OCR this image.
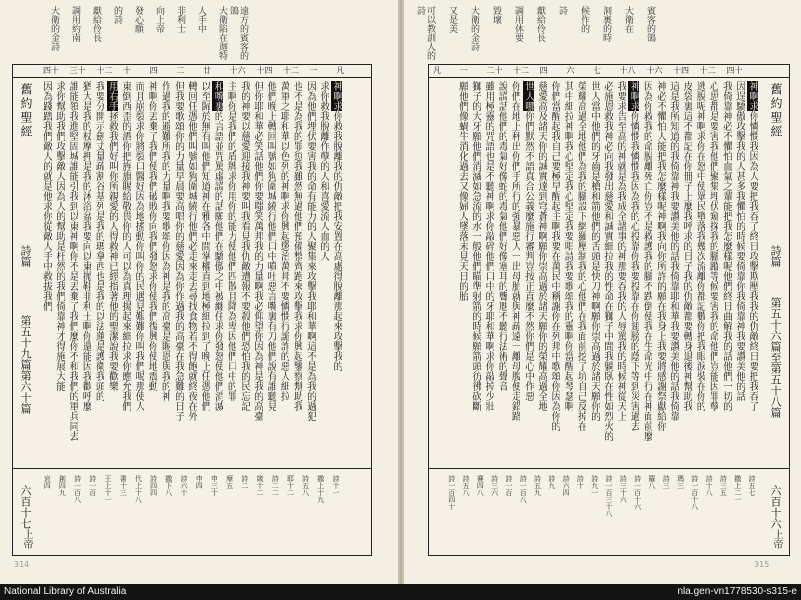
遠方的賓客的鴿
大衛陷在迦特
人手中
非利士
向上帝
發心願
的詩
獻給伶長
調用約南
大衛的金詩
四十 三十 十二 十 四 二 廿 十六 十四 十二 一 凡
舊約聖經
詩篇
第五十九篇第六十篇
六百十七
上帝
神啊求你救我脫離我的仇敵把我安置在高處得脫離那起來攻擊我的
求你救我脫離作孽的人和喜愛流人血的人
因為他們埋伏要害我的命有能力的人聚集來攻擊我耶和華啊這不是為我的過犯
也不是為我的罪愆我雖然無過他們預備整齊跑來攻擊我求你興起鑒察幫助我
萬軍之耶和華以色列的神啊求你興起懲治萬邦不要憐憫行詭詐的惡人細拉
他們晚上轉回叫號如狗圍城繞行他們口中噴吐惡言嘴裏有刀他們說有誰聽見
但你耶和華必笑話他們你要嗤笑萬邦我的力量啊我必仰望你因為神是我的高臺
我的神要以慈愛迎接我神要叫我看見我仇敵遭報不要殺他們恐怕我的民忘記
主啊你是我們的盾牌求你用你的能力使他們四散且降為卑因他們口中的罪
和嘴裏的言語並咒罵虛謊的話願他們在驕傲之中被纏住求你發怒使他們消滅
以至歸於無有叫他們知道神在雅各中間掌權直到地極細拉到了晚上任憑他們
轉回任憑他們叫號如狗圍城繞行他們必走來走去尋找食物若不得飽就終夜在外
但我要歌頌你的力量早晨要高唱你的慈愛因為你作過我的高臺在我急難的日子
作過我的避難所我的力量啊我要歌頌你因為神是我的高臺是賜恩與我的神
神啊你丟棄了我們使我們破敗你向我們發怒求你使我們復興你使地震動
而且崩裂求你將裂口醫好因為地搖動你叫你的民遇見艱難你叫我們喝那使人
東倒西歪的酒你把旌旗賜給敬畏你的人可以為真理揚起來細拉求你應允我們
用右手拯救我們好叫你所親愛的人得救神已經指著他的聖潔說我要歡樂
我要分開示劍丈量疏割谷基列是我的瑪拿西也是我的以法蓮是護衛我頭的
猶大是我的杖摩押是我的沐浴盆我要向以東拋鞋非利士啊你還能因我歡呼麼
誰能領我進堅固城誰能引我到以東神啊你不是丟棄了我們麼你不和我們的軍兵同去
求你幫助我們攻擊敵人因為人的幫助是枉然的我們倚靠神才得施展大能
因為踐踏我們敵人的就是他求你從敵人手中救拔我們
詩十一
撒上十九
詩五八
耶十二
詩二二
箴十二
詩二
摩五
申三十
申四
詩六十
撒下八
詩四四
代上十八
書十三
王上十一
詩一百
詩一百八
創四九
哀四
314
賓客的鴿
大衛在
洞裏的時
候作的
詩
獻給伶長
調用休要
毀壞
大衛的金詩
又是美
可以教訓人的詩
凡 一 二十 十二 四 六 七 十八 十六 十四 十二 四十
舊約聖經
詩篇
第五十六篇至第五十八篇
六百十六
上帝
神啊求你憐憫我因為人要把我吞了終日攻擊欺壓我我的仇敵終日要把我吞了
因逞驕傲攻擊我的人甚多我懼怕的時候要倚靠你我倚靠神我要讚美他的話
我倚靠神必不懼怕血氣之輩能把我怎麼樣呢他們終日曲解我的話他們一切的
心思都是要害我他們聚集埋伏窺探我的腳蹤等候要害我的命他們豈能因罪孽
逃脫呢神啊求你在怒中使眾民墮落我幾次流離你都記數你把我眼淚裝在你的
皮袋裏這不都記在你冊子上麼我呼求的日子我的仇敵都要轉身退後神幫助我
這是我所知道的我倚靠神我要讚美他的話我倚靠耶和華我要讚美他的話我倚靠
神必不懼怕人能把我怎麼樣呢神啊我向你所許的願在我身上我要將感謝祭獻給你
因為你救我的命脫離死亡你豈不是救護我的腳不跌倒使我在生命光中行在神面前麼
神啊求你憐憫我憐憫我因為我的心投靠你我要投靠在你翅膀的蔭下等到災害過去
我要求告至高的神就是為我成全諸事的神那要吞我的人辱罵我的時候神從天上
必施恩救我神必向我發出慈愛和誠實細拉我的性命在獅子中間我躺臥在性如烈火的
世人當中他們的牙齒是槍和箭他們的舌頭是快刀神啊願你崇高過於諸天願你的
榮耀高過全地他們為我的腳設下網羅壓制我的心他們在我面前挖了坑自己反掉在
其中細拉神啊我心堅定我心堅定我要唱詩我要歌頌我的靈啊你當醒起琴瑟啊
你們當醒起我自己要極早醒起主啊我要在萬民中稱謝你在列邦中歌頌你因為你的
慈愛高及諸天你的誠實達到穹蒼神啊願你崇高過於諸天願你的榮耀高過全地
世人哪你們默然不語真合公義麼施行審判豈按正直麼不然你們是心中作惡
你們在地上秤出你們手所行的強暴惡人一出母胎就與神疏遠一離母腹便走錯路
說謊話他們的毒氣好像蛇的毒氣他們好像塞耳的聾虺不聽行法術的聲音
雖用極靈的咒語也是不聽神啊求你敲碎他們口中的牙耶和華啊求你敲掉少壯
獅子的大牙願他們消滅如急流的水一般他們瞄準射箭的時候願箭頭彷彿砍斷
願他們像蝸牛消化過去又像婦人墜落未見天日的胎
詩五七
撒上二一
詩三五
詩十八
詩一百十八
瑪三
詩三
羅八
詩一百十六
詩三十六
詩一百三十八
詩九一
詩十
詩六四
詩九
詩五九
詩一百八
詩一百
詩三六
賽四八
詩五八
詩一百四十
315
National Library of Australia	nla.gen-vn1778530-s315-e
